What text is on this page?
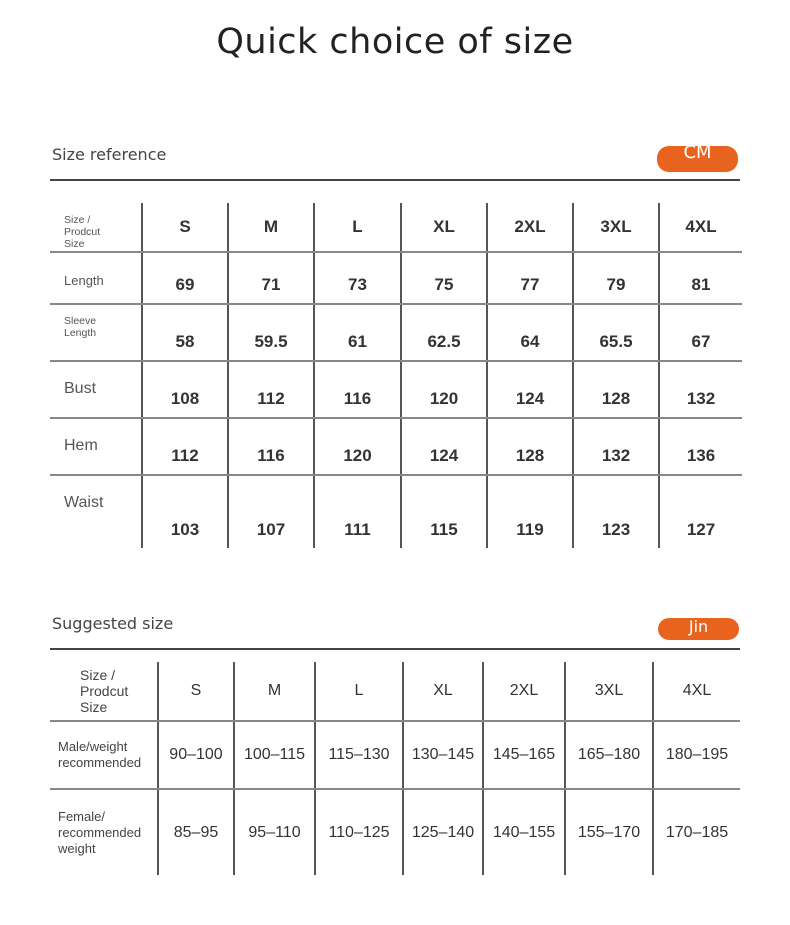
Quick choice of size
Size reference	CM
Size /
Prodcut
Size	S	M	L	XL	2XL	3XL	4XL
Length	69	71	73	75	77	79	81
Sleeve
Length	58	59.5	61	62.5	64	65.5	67
Bust	108	112	116	120	124	128	132
Hem	112	116	120	124	128	132	136
Waist	103	107	111	115	119	123	127
Suggested size	Jin
Size /
Prodcut
Size	S	M	L	XL	2XL	3XL	4XL
Male/weight
recommended	90–100	100–115	115–130	130–145	145–165	165–180	180–195
Female/
recommended
weight	85–95	95–110	110–125	125–140	140–155	155–170	170–185
